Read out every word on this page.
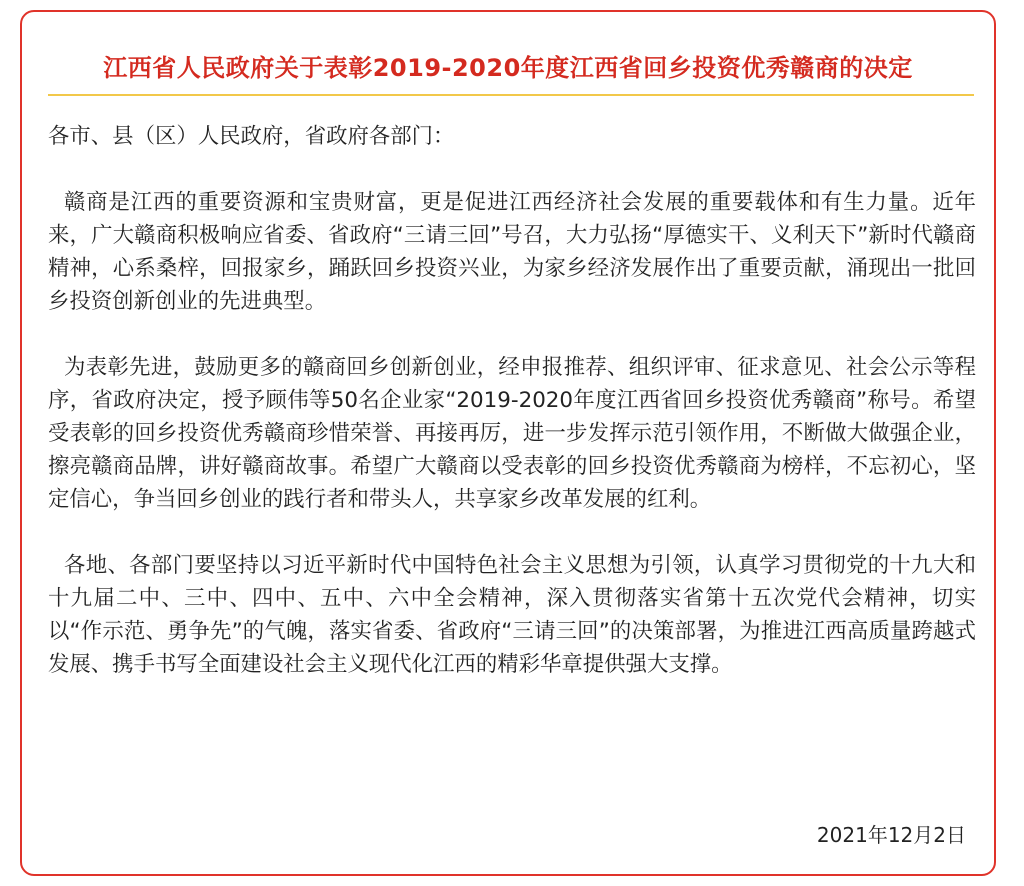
江西省人民政府关于表彰2019-2020年度江西省回乡投资优秀赣商的决定

各市、县（区）人民政府，省政府各部门：

赣商是江西的重要资源和宝贵财富，更是促进江西经济社会发展的重要载体和有生力量。近年来，广大赣商积极响应省委、省政府“三请三回”号召，大力弘扬“厚德实干、义利天下”新时代赣商精神，心系桑梓，回报家乡，踊跃回乡投资兴业，为家乡经济发展作出了重要贡献，涌现出一批回乡投资创新创业的先进典型。

为表彰先进，鼓励更多的赣商回乡创新创业，经申报推荐、组织评审、征求意见、社会公示等程序，省政府决定，授予顾伟等50名企业家“2019-2020年度江西省回乡投资优秀赣商”称号。希望受表彰的回乡投资优秀赣商珍惜荣誉、再接再厉，进一步发挥示范引领作用，不断做大做强企业，擦亮赣商品牌，讲好赣商故事。希望广大赣商以受表彰的回乡投资优秀赣商为榜样，不忘初心，坚定信心，争当回乡创业的践行者和带头人，共享家乡改革发展的红利。

各地、各部门要坚持以习近平新时代中国特色社会主义思想为引领，认真学习贯彻党的十九大和十九届二中、三中、四中、五中、六中全会精神，深入贯彻落实省第十五次党代会精神，切实以“作示范、勇争先”的气魄，落实省委、省政府“三请三回”的决策部署，为推进江西高质量跨越式发展、携手书写全面建设社会主义现代化江西的精彩华章提供强大支撑。

2021年12月2日
